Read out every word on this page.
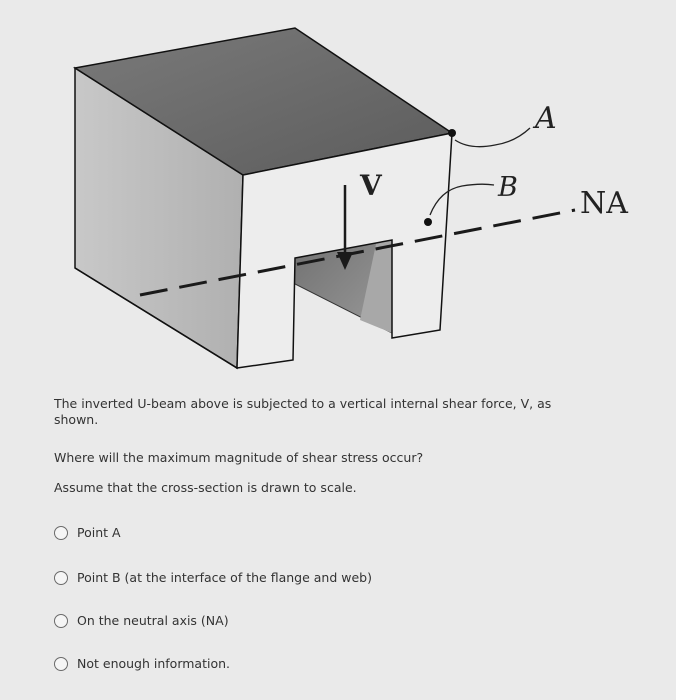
A
B NA
V

The inverted U-beam above is subjected to a vertical internal shear force, V, as shown.

Where will the maximum magnitude of shear stress occur?

Assume that the cross-section is drawn to scale.

Point A
Point B (at the interface of the flange and web)
On the neutral axis (NA)
Not enough information.
